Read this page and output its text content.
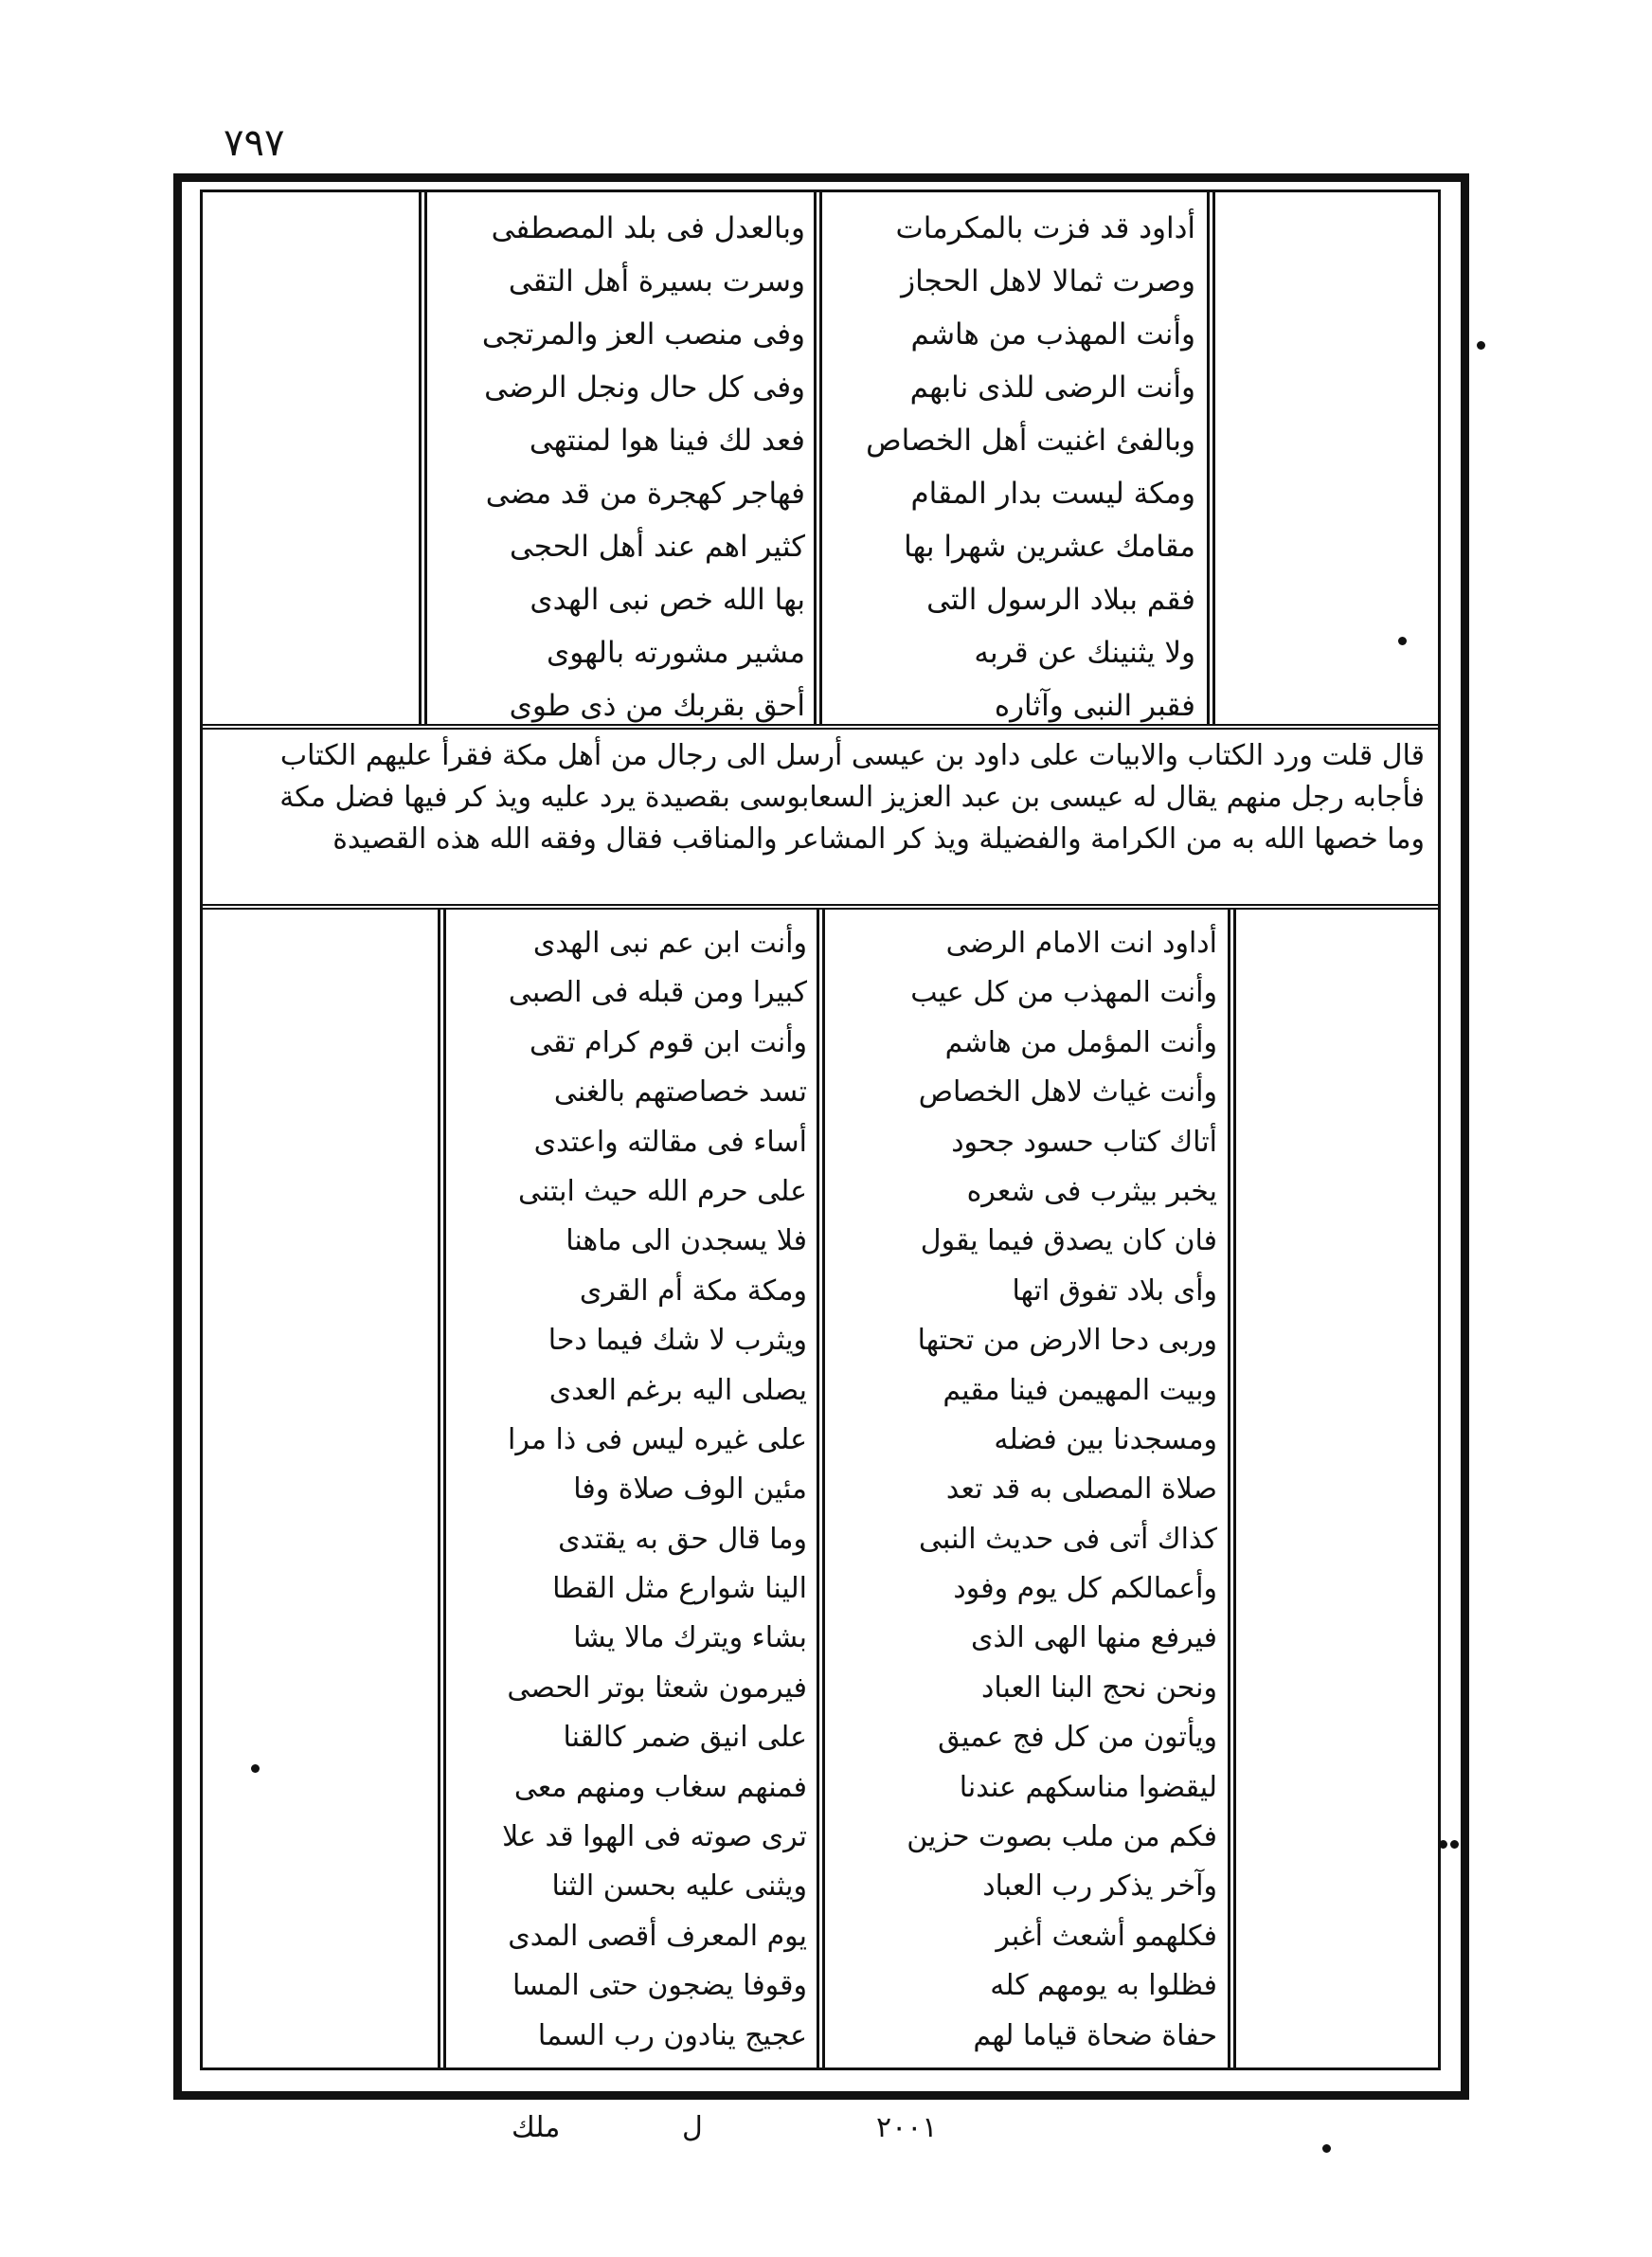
٧٩٧
أداود قد فزت بالمكرمات
وصرت ثمالا لاهل الحجاز
وأنت المهذب من هاشم
وأنت الرضى للذى نابهم
وبالفئ اغنيت أهل الخصاص
ومكة ليست بدار المقام
مقامك عشرين شهرا بها
فقم ببلاد الرسول التى
ولا يثنينك عن قربه
فقبر النبى وآثاره
وبالعدل فى بلد المصطفى
وسرت بسيرة أهل التقى
وفى منصب العز والمرتجى
وفى كل حال ونجل الرضى
فعد لك فينا هوا لمنتهى
فهاجر كهجرة من قد مضى
كثير اهم عند أهل الحجى
بها الله خص نبى الهدى
مشير مشورته بالهوى
أحق بقربك من ذى طوى
قال قلت ورد الكتاب والابيات على داود بن عيسى أرسل الى رجال من أهل مكة فقرأ عليهم الكتاب
فأجابه رجل منهم يقال له عيسى بن عبد العزيز السعابوسى بقصيدة يرد عليه ويذ كر فيها فضل مكة
وما خصها الله به من الكرامة والفضيلة ويذ كر المشاعر والمناقب فقال وفقه الله هذه القصيدة
أداود انت الامام الرضى
وأنت المهذب من كل عيب
وأنت المؤمل من هاشم
وأنت غياث لاهل الخصاص
أتاك كتاب حسود جحود
يخبر بيثرب فى شعره
فان كان يصدق فيما يقول
وأى بلاد تفوق اتها
وربى دحا الارض من تحتها
وبيت المهيمن فينا مقيم
ومسجدنا بين فضله
صلاة المصلى به قد تعد
كذاك أتى فى حديث النبى
وأعمالكم كل يوم وفود
فيرفع منها الهى الذى
ونحن نحج البنا العباد
ويأتون من كل فج عميق
ليقضوا مناسكهم عندنا
فكم من ملب بصوت حزين
وآخر يذكر رب العباد
فكلهمو أشعث أغبر
فظلوا به يومهم كله
حفاة ضحاة قياما لهم
وأنت ابن عم نبى الهدى
كبيرا ومن قبله فى الصبى
وأنت ابن قوم كرام تقى
تسد خصاصتهم بالغنى
أساء فى مقالته واعتدى
على حرم الله حيث ابتنى
فلا يسجدن الى ماهنا
ومكة مكة أم القرى
ويثرب لا شك فيما دحا
يصلى اليه برغم العدى
على غيره ليس فى ذا مرا
مئين الوف صلاة وفا
وما قال حق به يقتدى
الينا شوارع مثل القطا
بشاء ويترك مالا يشا
فيرمون شعثا بوتر الحصى
على انيق ضمر كالقنا
فمنهم سغاب ومنهم معى
ترى صوته فى الهوا قد علا
ويثنى عليه بحسن الثنا
يوم المعرف أقصى المدى
وقوفا يضجون حتى المسا
عجيج ينادون رب السما
ملك	ل	٢٠٠١
